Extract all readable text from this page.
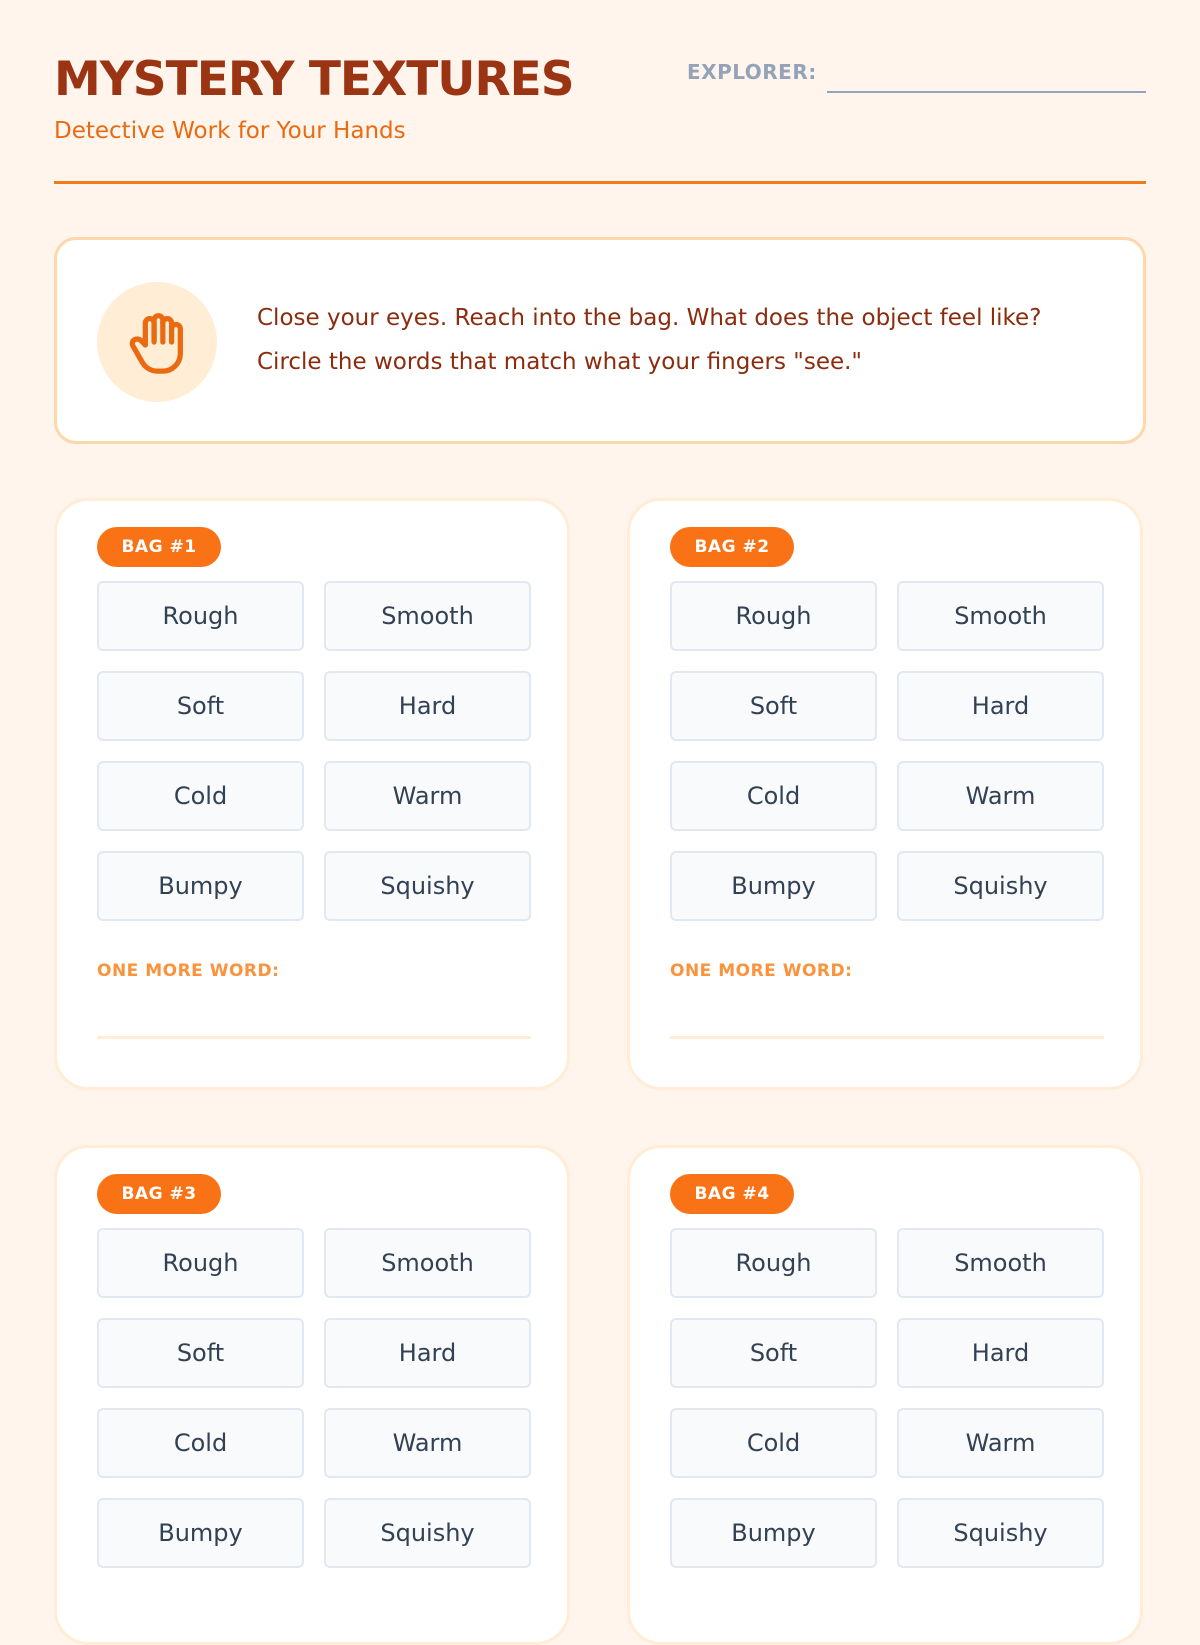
MYSTERY TEXTURES
Detective Work for Your Hands
EXPLORER:
Close your eyes. Reach into the bag. What does the object feel like?
Circle the words that match what your fingers "see."
BAG #1
Rough	Smooth
Soft	Hard
Cold	Warm
Bumpy	Squishy
ONE MORE WORD:
BAG #2
Rough	Smooth
Soft	Hard
Cold	Warm
Bumpy	Squishy
ONE MORE WORD:
BAG #3
Rough	Smooth
Soft	Hard
Cold	Warm
Bumpy	Squishy
BAG #4
Rough	Smooth
Soft	Hard
Cold	Warm
Bumpy	Squishy
